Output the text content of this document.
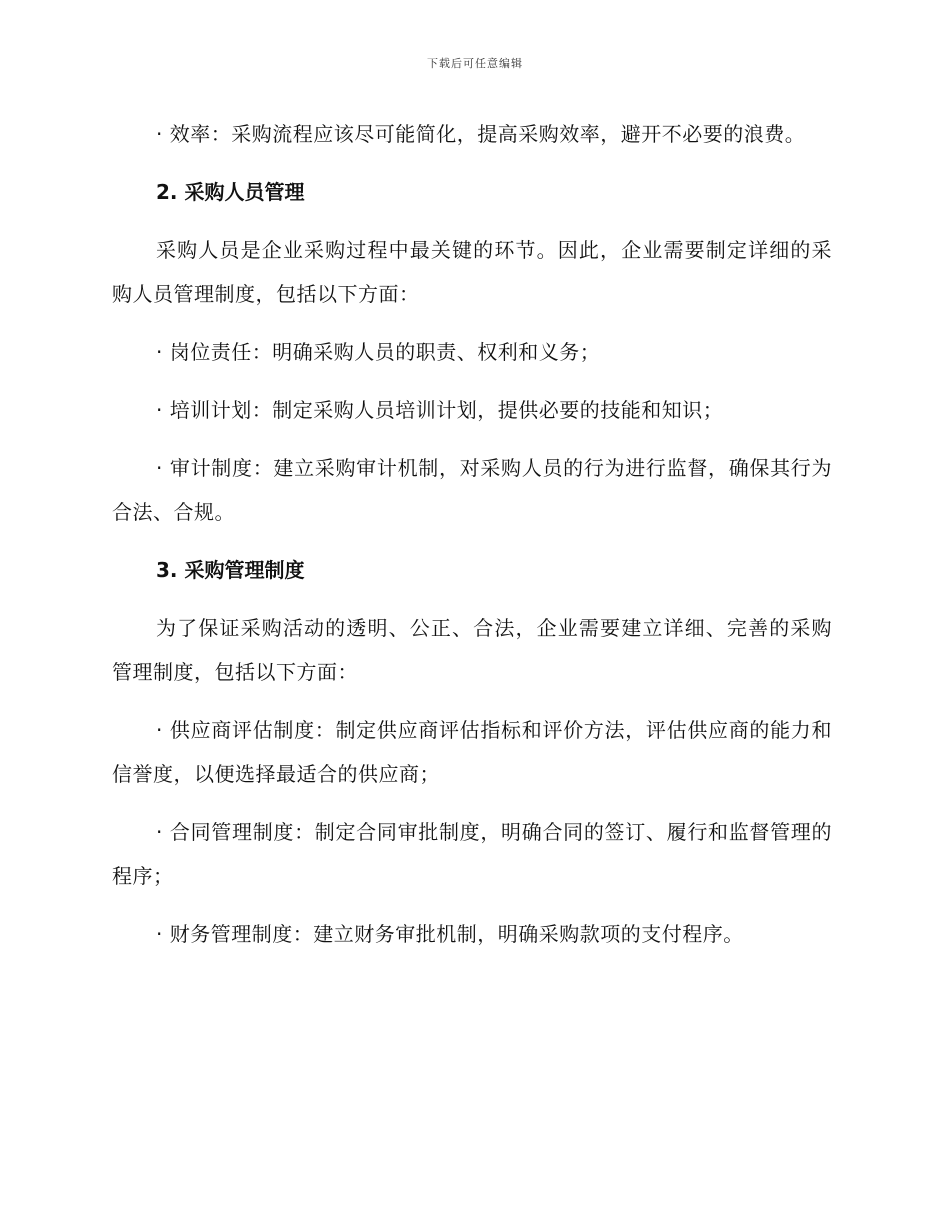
下载后可任意编辑

· 效率：采购流程应该尽可能简化，提高采购效率，避开不必要的浪费。

2. 采购人员管理

采购人员是企业采购过程中最关键的环节。因此，企业需要制定详细的采购人员管理制度，包括以下方面：

· 岗位责任：明确采购人员的职责、权利和义务；

· 培训计划：制定采购人员培训计划，提供必要的技能和知识；

· 审计制度：建立采购审计机制，对采购人员的行为进行监督，确保其行为合法、合规。

3. 采购管理制度

为了保证采购活动的透明、公正、合法，企业需要建立详细、完善的采购管理制度，包括以下方面：

· 供应商评估制度：制定供应商评估指标和评价方法，评估供应商的能力和信誉度，以便选择最适合的供应商；

· 合同管理制度：制定合同审批制度，明确合同的签订、履行和监督管理的程序；

· 财务管理制度：建立财务审批机制，明确采购款项的支付程序。
